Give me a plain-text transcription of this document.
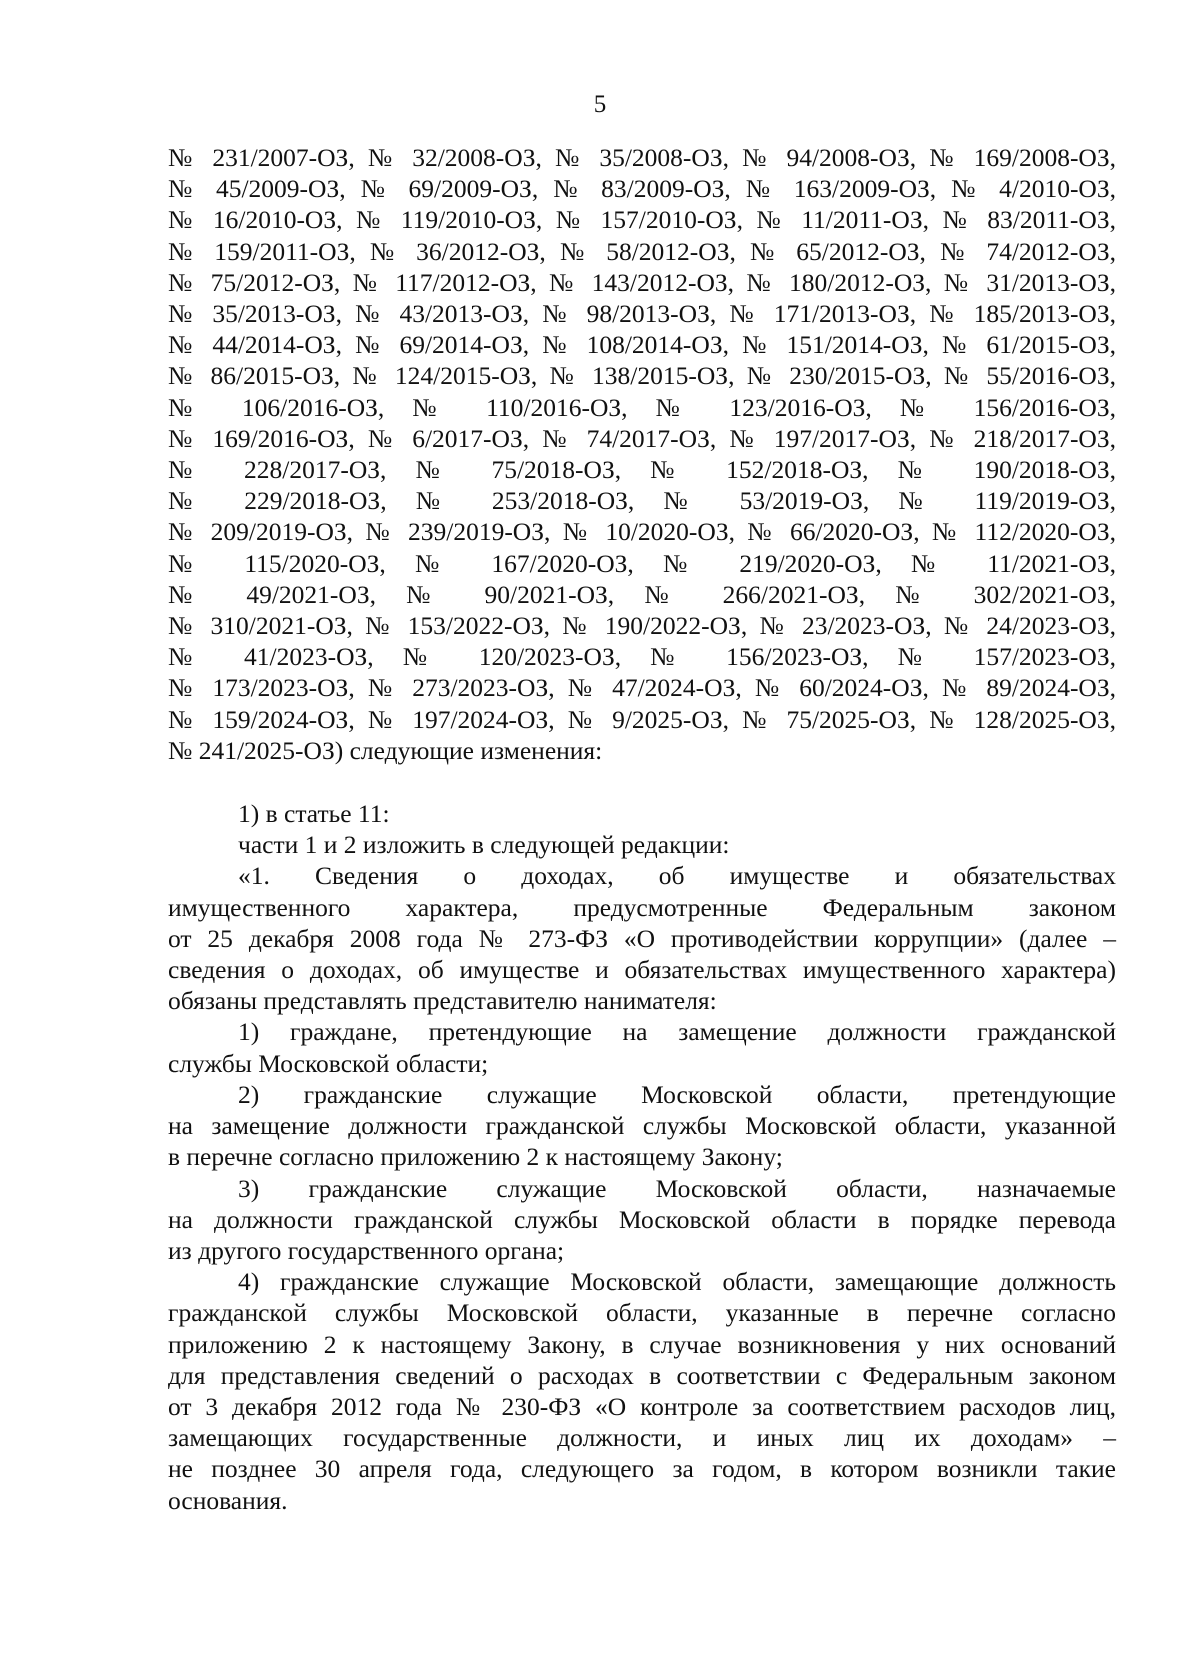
5
№ 231/2007-ОЗ, № 32/2008-ОЗ, № 35/2008-ОЗ, № 94/2008-ОЗ, № 169/2008-ОЗ,
№ 45/2009-ОЗ, № 69/2009-ОЗ, № 83/2009-ОЗ, № 163/2009-ОЗ, № 4/2010-ОЗ,
№ 16/2010-ОЗ, № 119/2010-ОЗ, № 157/2010-ОЗ, № 11/2011-ОЗ, № 83/2011-ОЗ,
№ 159/2011-ОЗ, № 36/2012-ОЗ, № 58/2012-ОЗ, № 65/2012-ОЗ, № 74/2012-ОЗ,
№ 75/2012-ОЗ, № 117/2012-ОЗ, № 143/2012-ОЗ, № 180/2012-ОЗ, № 31/2013-ОЗ,
№ 35/2013-ОЗ, № 43/2013-ОЗ, № 98/2013-ОЗ, № 171/2013-ОЗ, № 185/2013-ОЗ,
№ 44/2014-ОЗ, № 69/2014-ОЗ, № 108/2014-ОЗ, № 151/2014-ОЗ, № 61/2015-ОЗ,
№ 86/2015-ОЗ, № 124/2015-ОЗ, № 138/2015-ОЗ, № 230/2015-ОЗ, № 55/2016-ОЗ,
№ 106/2016-ОЗ, № 110/2016-ОЗ, № 123/2016-ОЗ, № 156/2016-ОЗ,
№ 169/2016-ОЗ, № 6/2017-ОЗ, № 74/2017-ОЗ, № 197/2017-ОЗ, № 218/2017-ОЗ,
№ 228/2017-ОЗ, № 75/2018-ОЗ, № 152/2018-ОЗ, № 190/2018-ОЗ,
№ 229/2018-ОЗ, № 253/2018-ОЗ, № 53/2019-ОЗ, № 119/2019-ОЗ,
№ 209/2019-ОЗ, № 239/2019-ОЗ, № 10/2020-ОЗ, № 66/2020-ОЗ, № 112/2020-ОЗ,
№ 115/2020-ОЗ, № 167/2020-ОЗ, № 219/2020-ОЗ, № 11/2021-ОЗ,
№ 49/2021-ОЗ, № 90/2021-ОЗ, № 266/2021-ОЗ, № 302/2021-ОЗ,
№ 310/2021-ОЗ, № 153/2022-ОЗ, № 190/2022-ОЗ, № 23/2023-ОЗ, № 24/2023-ОЗ,
№ 41/2023-ОЗ, № 120/2023-ОЗ, № 156/2023-ОЗ, № 157/2023-ОЗ,
№ 173/2023-ОЗ, № 273/2023-ОЗ, № 47/2024-ОЗ, № 60/2024-ОЗ, № 89/2024-ОЗ,
№ 159/2024-ОЗ, № 197/2024-ОЗ, № 9/2025-ОЗ, № 75/2025-ОЗ, № 128/2025-ОЗ,
№ 241/2025-ОЗ) следующие изменения:
1) в статье 11:
части 1 и 2 изложить в следующей редакции:
«1. Сведения о доходах, об имуществе и обязательствах
имущественного характера, предусмотренные Федеральным законом
от 25 декабря 2008 года № 273-ФЗ «О противодействии коррупции» (далее –
сведения о доходах, об имуществе и обязательствах имущественного характера)
обязаны представлять представителю нанимателя:
1) граждане, претендующие на замещение должности гражданской
службы Московской области;
2) гражданские служащие Московской области, претендующие
на замещение должности гражданской службы Московской области, указанной
в перечне согласно приложению 2 к настоящему Закону;
3) гражданские служащие Московской области, назначаемые
на должности гражданской службы Московской области в порядке перевода
из другого государственного органа;
4) гражданские служащие Московской области, замещающие должность
гражданской службы Московской области, указанные в перечне согласно
приложению 2 к настоящему Закону, в случае возникновения у них оснований
для представления сведений о расходах в соответствии с Федеральным законом
от 3 декабря 2012 года № 230-ФЗ «О контроле за соответствием расходов лиц,
замещающих государственные должности, и иных лиц их доходам» –
не позднее 30 апреля года, следующего за годом, в котором возникли такие
основания.
